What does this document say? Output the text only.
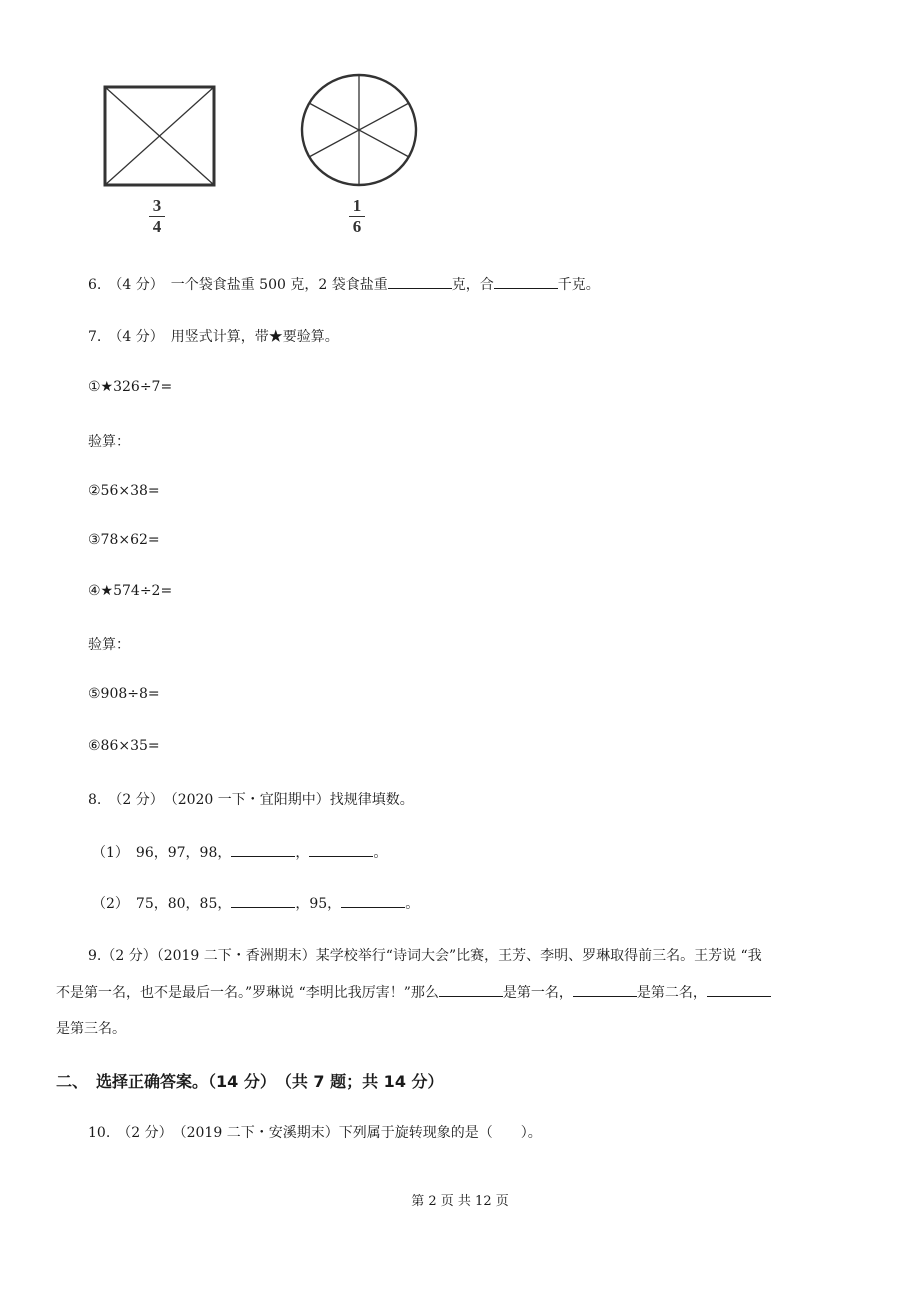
3
4
1
6
6.　（4 分）　一个袋食盐重 500 克，2 袋食盐重	克，合	千克。
7.　（4 分）　用竖式计算，带★要验算。
①★326÷7=
验算：
②56×38=
③78×62=
④★574÷2=
验算：
⑤908÷8=
⑥86×35=
8.　（2 分）　（2020 一下・宜阳期中）找规律填数。
（1）　96，97，98，	，	。
（2）　75，80，85，	，95，	。
9.（2 分）（2019 二下・香洲期末）某学校举行“诗词大会”比赛，王芳、李明、罗琳取得前三名。王芳说 “我
不是第一名，也不是最后一名。”罗琳说 “李明比我厉害！”那么	是第一名，	是第二名，
是第三名。
二、　选择正确答案。（14 分）　（共 7 题；共 14 分）
10.　（2 分）　（2019 二下・安溪期末）下列属于旋转现象的是（　　）。
第 2 页 共 12 页
